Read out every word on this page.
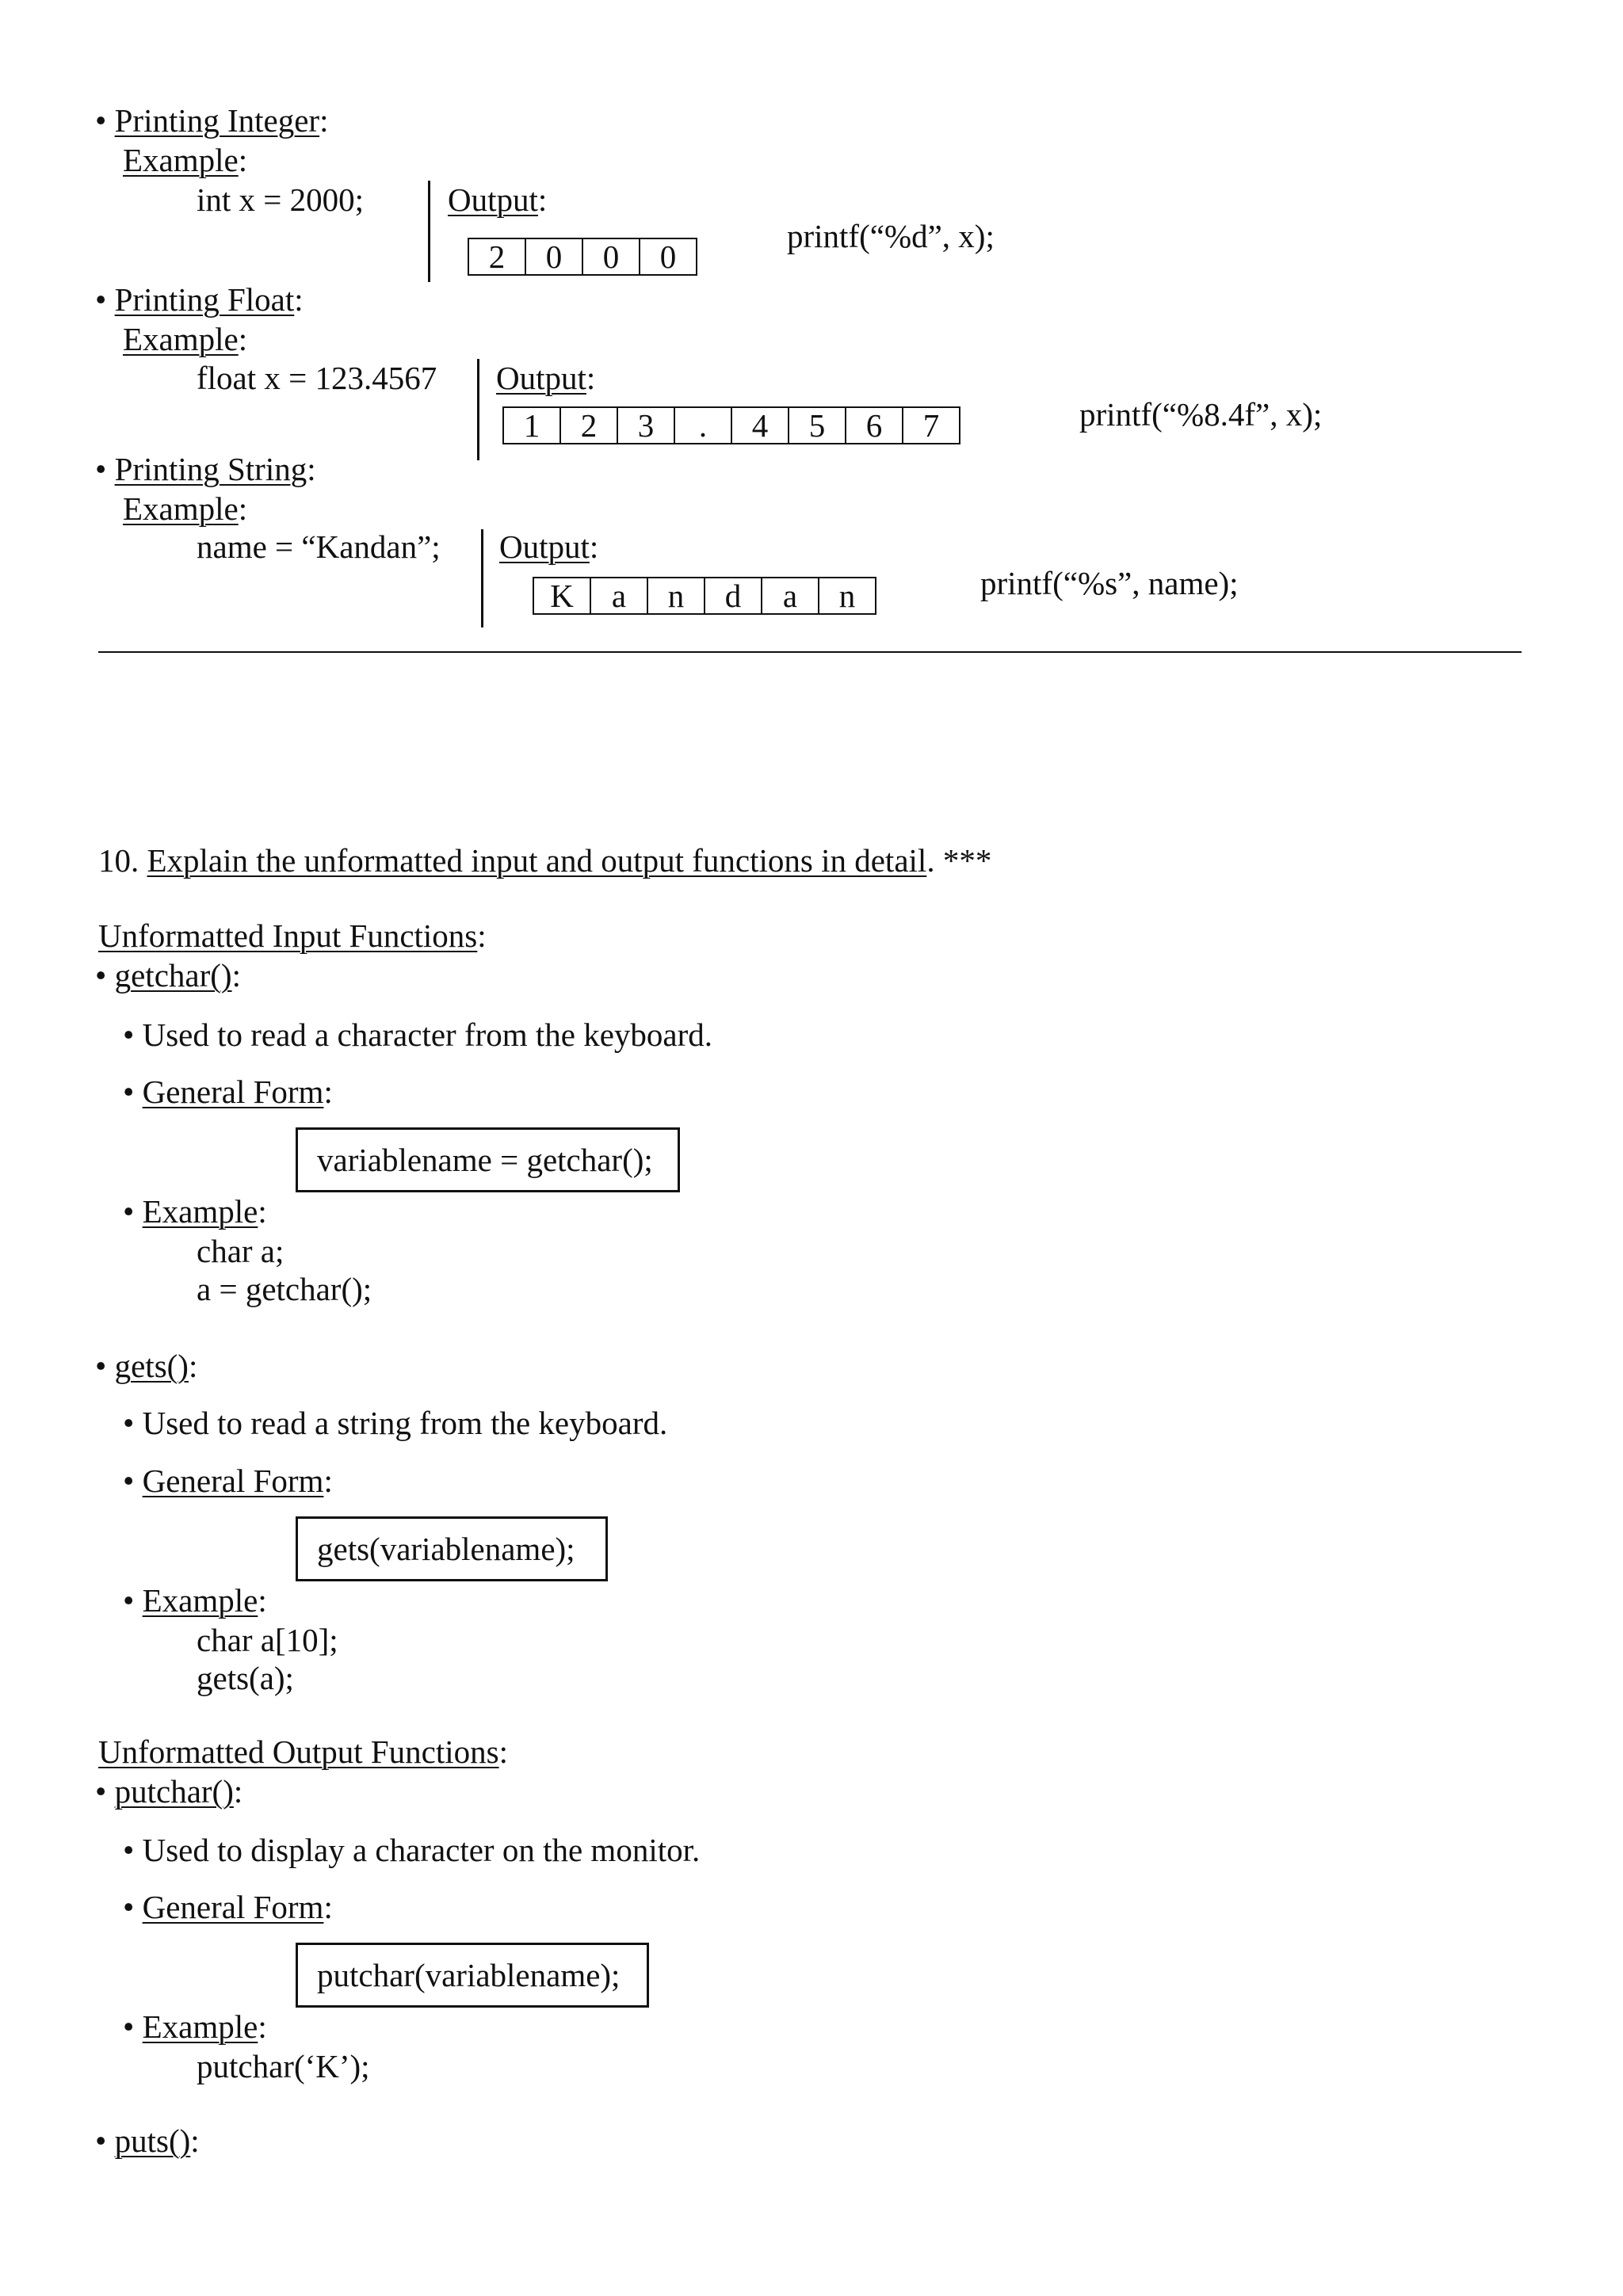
• Printing Integer:
Example:
int x = 2000;	Output:
2	0	0	0
printf(“%d”, x);
• Printing Float:
Example:
float x = 123.4567 Output:
1	2	3	.	4	5	6	7	printf(“%8.4f”, x);
• Printing String:
Example:
name = “Kandan”; Output:
K	a	n	d	a	n	printf(“%s”, name);
10. Explain the unformatted input and output functions in detail. ***
Unformatted Input Functions:
• getchar():
• Used to read a character from the keyboard.
• General Form:
variablename = getchar();
• Example:
char a;
a = getchar();
• gets():
• Used to read a string from the keyboard.
• General Form:
gets(variablename);
• Example:
char a[10];
gets(a);
Unformatted Output Functions:
• putchar():
• Used to display a character on the monitor.
• General Form:
putchar(variablename);
• Example:
putchar(‘K’);
• puts():
